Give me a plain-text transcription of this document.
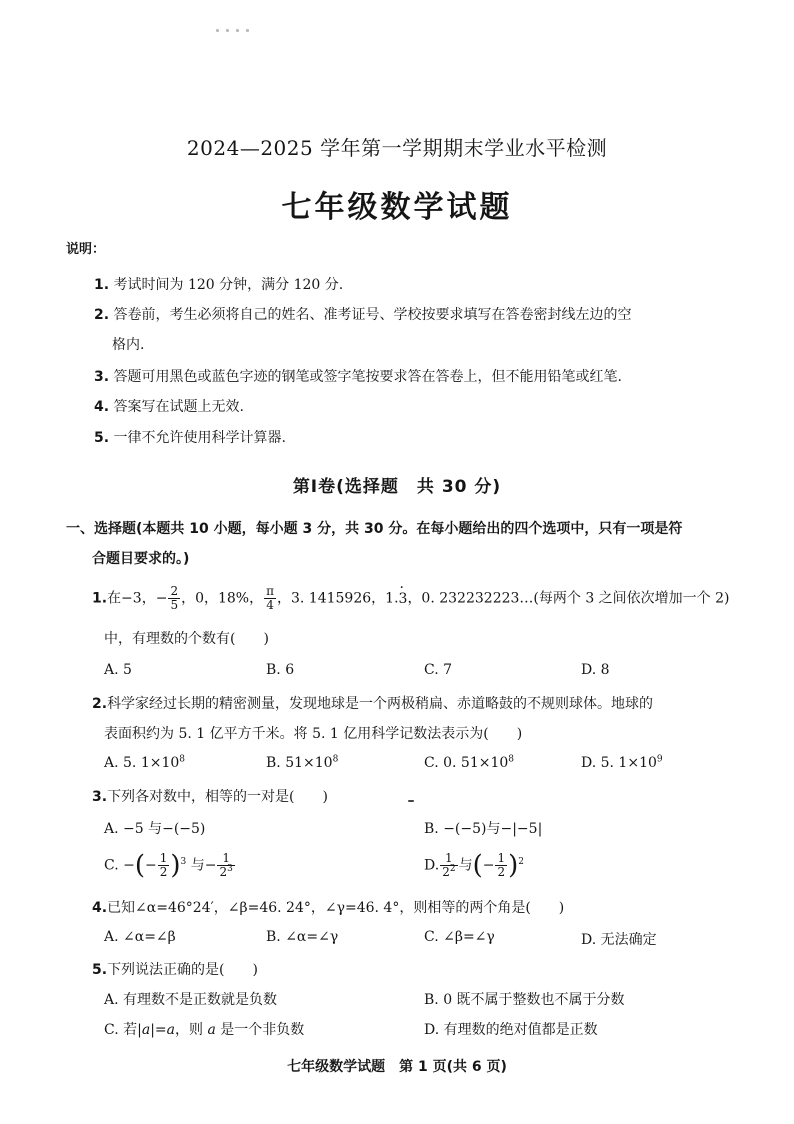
2024—2025 学年第一学期期末学业水平检测
七年级数学试题
说明：
1. 考试时间为 120 分钟，满分 120 分.
2. 答卷前，考生必须将自己的姓名、准考证号、学校按要求填写在答卷密封线左边的空
格内.
3. 答题可用黑色或蓝色字迹的钢笔或签字笔按要求答在答卷上，但不能用铅笔或红笔.
4. 答案写在试题上无效.
5. 一律不允许使用科学计算器.
第Ⅰ卷(选择题　共 30 分)
一、选择题(本题共 10 小题，每小题 3 分，共 30 分。在每小题给出的四个选项中，只有一项是符
合题目要求的。)
1.在−3，− $\frac{2}{5}$ ，0，18%， $\frac{\pi}{4}$ ，3. 1415926，1.· 3，0. 232232223…(每两个 3 之间依次增加一个 2)
中，有理数的个数有(　　)
A. 5	B. 6	C. 7	D. 8
2.科学家经过长期的精密测量，发现地球是一个两极稍扁、赤道略鼓的不规则球体。地球的
表面积约为 5. 1 亿平方千米。将 5. 1 亿用科学记数法表示为(　　)
A. 5. $1\times 10^8$	B. $51\times 10^8$	C. 0. $51\times 10^8$	D. 5. $1\times 10^9$
3.下列各对数中，相等的一对是(　　)
A. −5 与−(−5)	B. −(−5)与−|−5|
C. −(− $\frac{1}{2} )^3$ 与− $\frac{1}{2^3}$	D. $\frac{1}{2^2}$ 与(− $\frac{1}{2} )^2$
4.已知∠α=46°24′，∠β=46. 24°，∠γ=46. 4°，则相等的两个角是(　　)
A. ∠α=∠β	B. ∠α=∠γ	C. ∠β=∠γ	D. 无法确定
5.下列说法正确的是(　　)
A. 有理数不是正数就是负数	B. 0 既不属于整数也不属于分数
C. 若|a|=a，则 a 是一个非负数	D. 有理数的绝对值都是正数
七年级数学试题　第 1 页(共 6 页)
